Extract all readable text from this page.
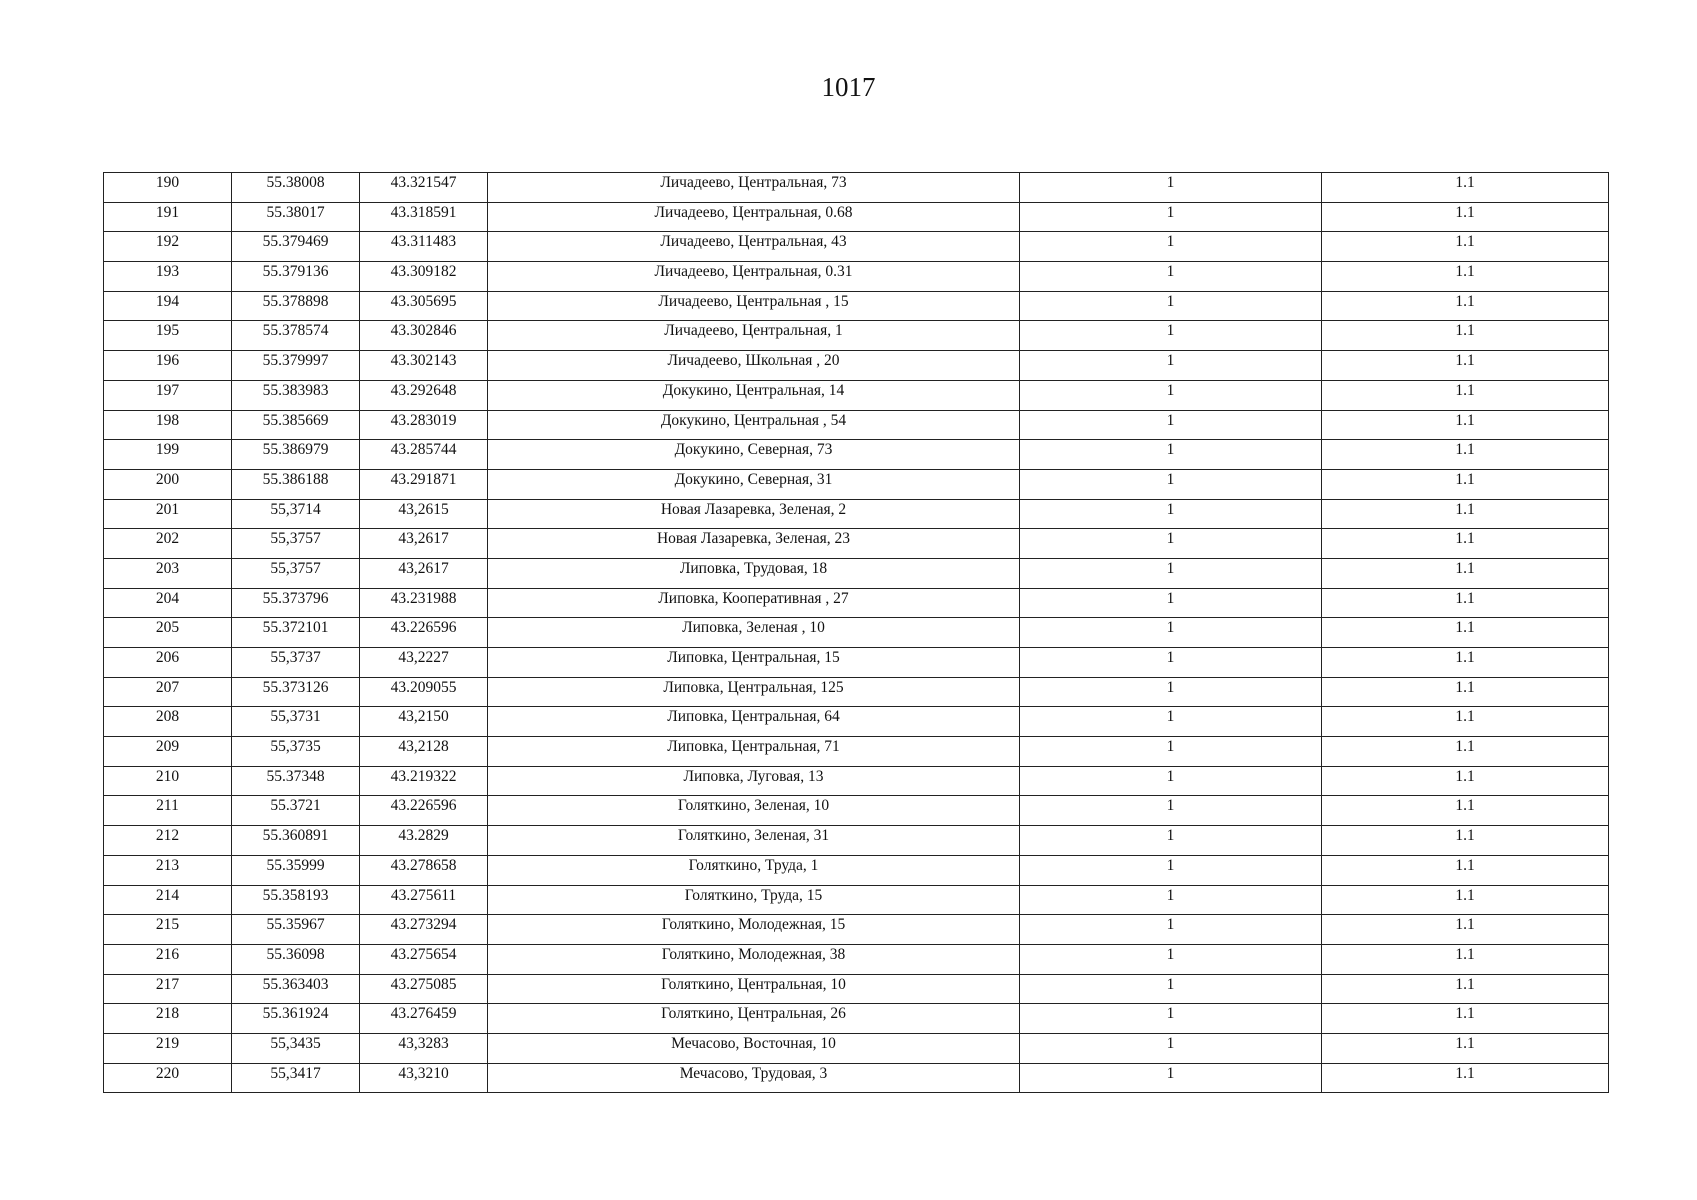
1017
190	55.38008	43.321547	Личадеево, Центральная, 73	1	1.1
191	55.38017	43.318591	Личадеево, Центральная, 0.68	1	1.1
192	55.379469	43.311483	Личадеево, Центральная, 43	1	1.1
193	55.379136	43.309182	Личадеево, Центральная, 0.31	1	1.1
194	55.378898	43.305695	Личадеево, Центральная , 15	1	1.1
195	55.378574	43.302846	Личадеево, Центральная, 1	1	1.1
196	55.379997	43.302143	Личадеево, Школьная , 20	1	1.1
197	55.383983	43.292648	Докукино, Центральная, 14	1	1.1
198	55.385669	43.283019	Докукино, Центральная , 54	1	1.1
199	55.386979	43.285744	Докукино, Северная, 73	1	1.1
200	55.386188	43.291871	Докукино, Северная, 31	1	1.1
201	55,3714	43,2615	Новая Лазаревка, Зеленая, 2	1	1.1
202	55,3757	43,2617	Новая Лазаревка, Зеленая, 23	1	1.1
203	55,3757	43,2617	Липовка, Трудовая, 18	1	1.1
204	55.373796	43.231988	Липовка, Кооперативная , 27	1	1.1
205	55.372101	43.226596	Липовка, Зеленая , 10	1	1.1
206	55,3737	43,2227	Липовка, Центральная, 15	1	1.1
207	55.373126	43.209055	Липовка, Центральная, 125	1	1.1
208	55,3731	43,2150	Липовка, Центральная, 64	1	1.1
209	55,3735	43,2128	Липовка, Центральная, 71	1	1.1
210	55.37348	43.219322	Липовка, Луговая, 13	1	1.1
211	55.3721	43.226596	Голяткино, Зеленая, 10	1	1.1
212	55.360891	43.2829	Голяткино, Зеленая, 31	1	1.1
213	55.35999	43.278658	Голяткино, Труда, 1	1	1.1
214	55.358193	43.275611	Голяткино, Труда, 15	1	1.1
215	55.35967	43.273294	Голяткино, Молодежная, 15	1	1.1
216	55.36098	43.275654	Голяткино, Молодежная, 38	1	1.1
217	55.363403	43.275085	Голяткино, Центральная, 10	1	1.1
218	55.361924	43.276459	Голяткино, Центральная, 26	1	1.1
219	55,3435	43,3283	Мечасово, Восточная, 10	1	1.1
220	55,3417	43,3210	Мечасово, Трудовая, 3	1	1.1
